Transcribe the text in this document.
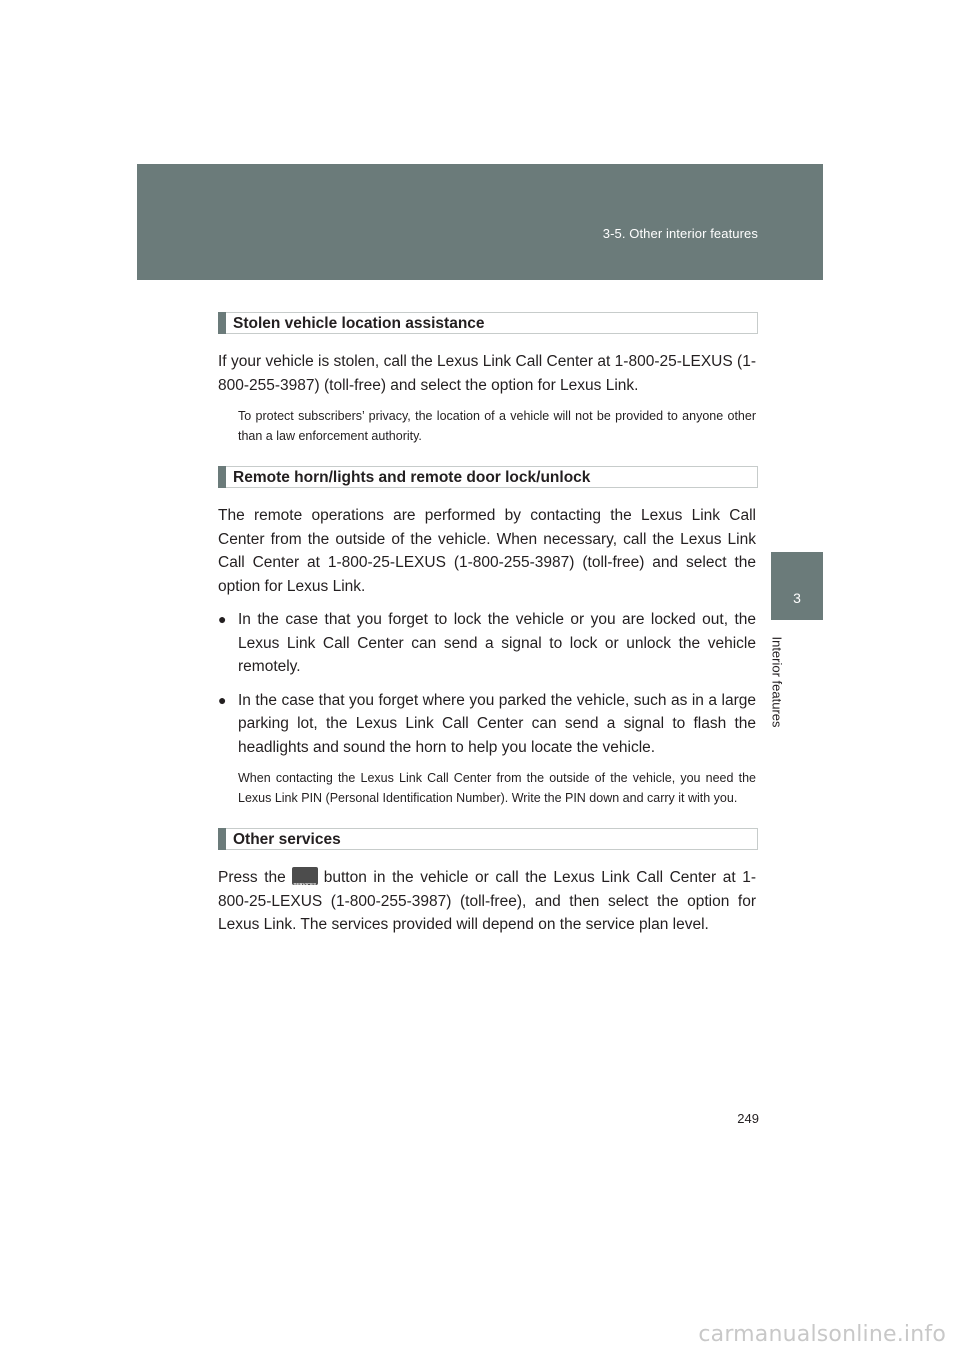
3-5. Other interior features
3
Interior features
Stolen vehicle location assistance

If your vehicle is stolen, call the Lexus Link Call Center at 1-800-25-LEXUS (1-800-255-3987) (toll-free) and select the option for Lexus Link.

To protect subscribers’ privacy, the location of a vehicle will not be provided to anyone other than a law enforcement authority.

Remote horn/lights and remote door lock/unlock

The remote operations are performed by contacting the Lexus Link Call Center from the outside of the vehicle. When necessary, call the Lexus Link Call Center at 1-800-25-LEXUS (1-800-255-3987) (toll-free) and select the option for Lexus Link.

● In the case that you forget to lock the vehicle or you are locked out, the Lexus Link Call Center can send a signal to lock or unlock the vehicle remotely.
● In the case that you forget where you parked the vehicle, such as in a large parking lot, the Lexus Link Call Center can send a signal to flash the headlights and sound the horn to help you locate the vehicle.

When contacting the Lexus Link Call Center from the outside of the vehicle, you need the Lexus Link PIN (Personal Identification Number). Write the PIN down and carry it with you.

Other services

Press the	SERVICES button in the vehicle or call the Lexus Link Call Center at 1-800-25-LEXUS (1-800-255-3987) (toll-free), and then select the option for Lexus Link. The services provided will depend on the service plan level.

249
carmanualsonline.info
